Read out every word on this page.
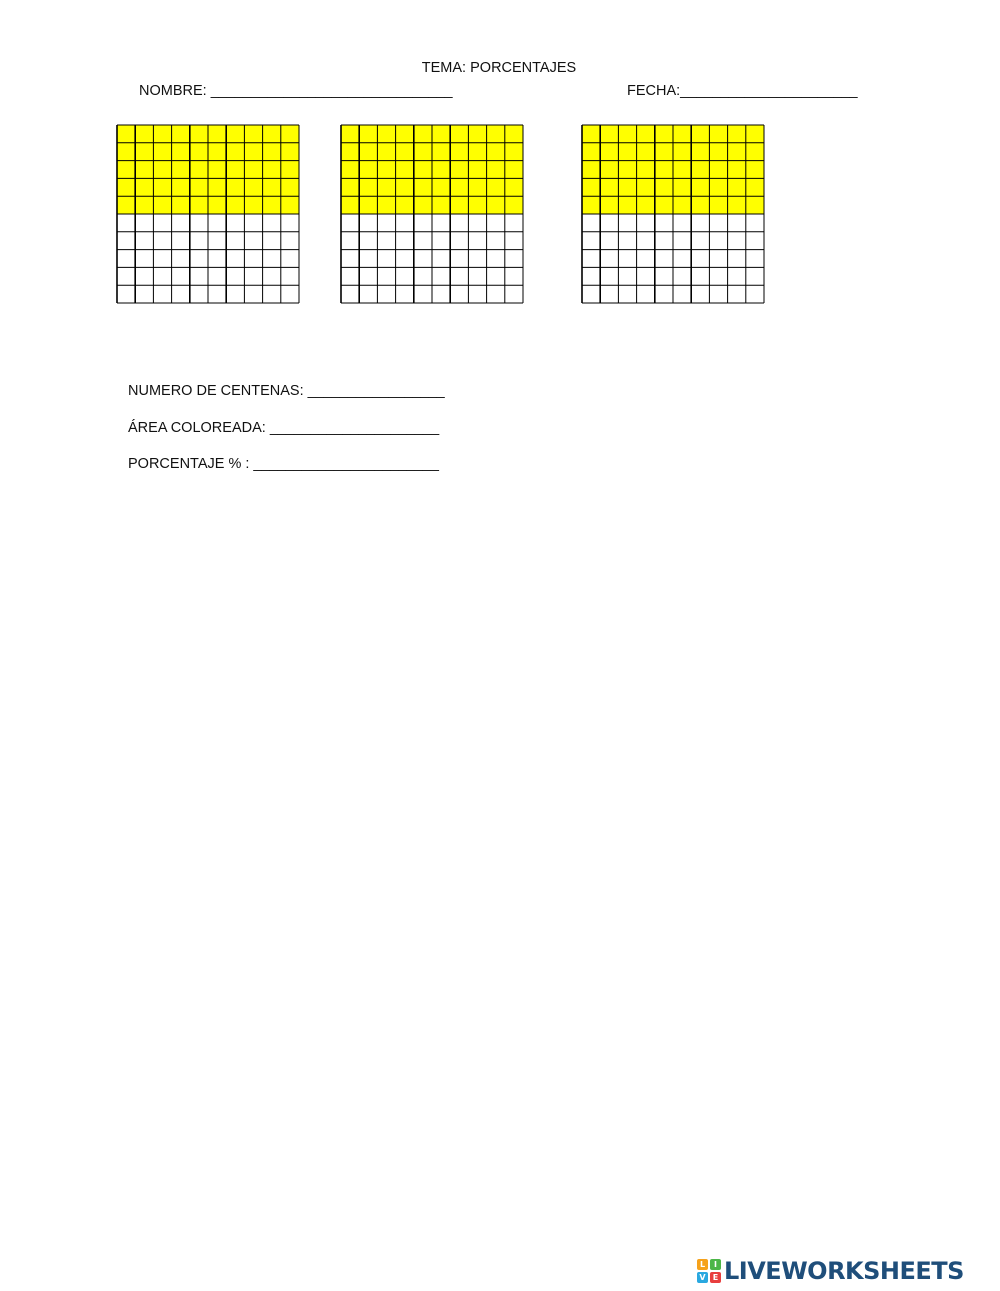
TEMA: PORCENTAJES
NOMBRE: ______________________________	FECHA:______________________
NUMERO DE CENTENAS: _________________
ÁREA COLOREADA: _____________________
PORCENTAJE % : _______________________
L	I
V E LIVEWORKSHEETS
